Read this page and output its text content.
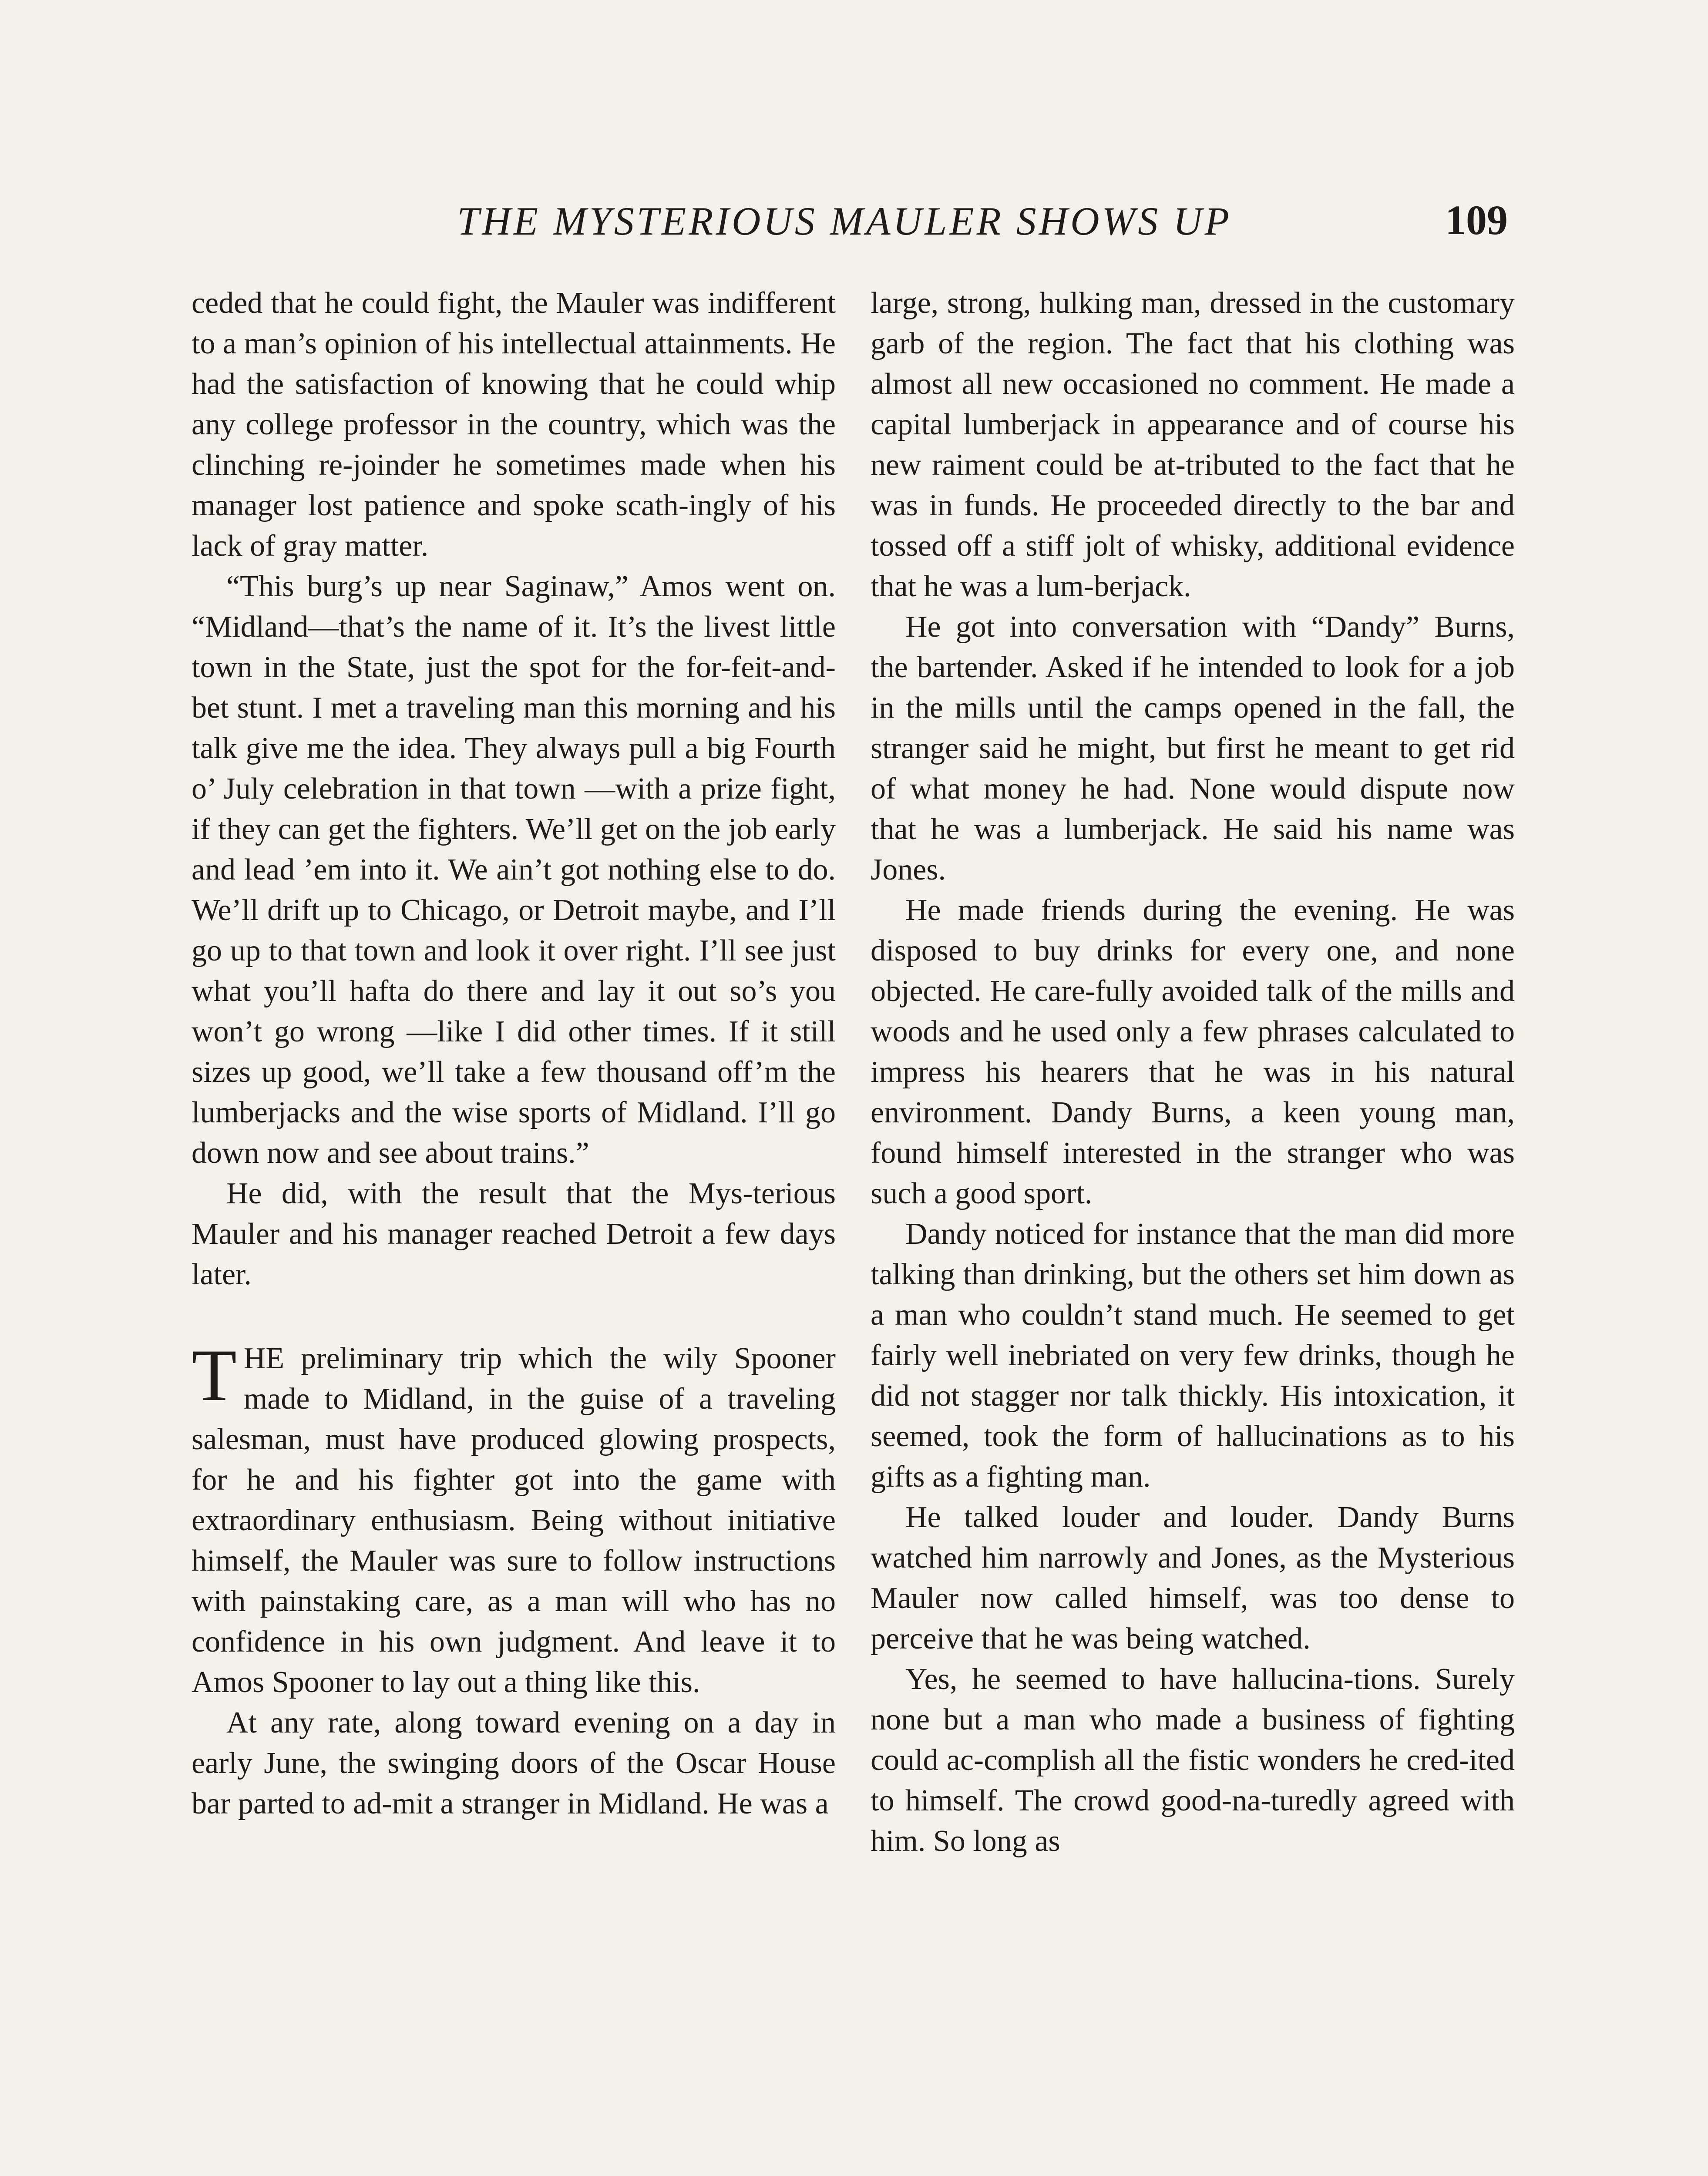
THE MYSTERIOUS MAULER SHOWS UP	109

ceded that he could fight, the Mauler was indifferent to a man’s opinion of his intellectual attainments. He had the satisfaction of knowing that he could whip any college professor in the country, which was the clinching re-joinder he sometimes made when his manager lost patience and spoke scath-ingly of his lack of gray matter.

“This burg’s up near Saginaw,” Amos went on. “Midland—that’s the name of it. It’s the livest little town in the State, just the spot for the for-feit-and-bet stunt. I met a traveling man this morning and his talk give me the idea. They always pull a big Fourth o’ July celebration in that town —with a prize fight, if they can get the fighters. We’ll get on the job early and lead ’em into it. We ain’t got nothing else to do. We’ll drift up to Chicago, or Detroit maybe, and I’ll go up to that town and look it over right. I’ll see just what you’ll hafta do there and lay it out so’s you won’t go wrong —like I did other times. If it still sizes up good, we’ll take a few thousand off’m the lumberjacks and the wise sports of Midland. I’ll go down now and see about trains.”

He did, with the result that the Mys-terious Mauler and his manager reached Detroit a few days later.

THE preliminary trip which the wily Spooner made to Midland, in the guise of a traveling salesman, must have produced glowing prospects, for he and his fighter got into the game with extraordinary enthusiasm. Being without initiative himself, the Mauler was sure to follow instructions with painstaking care, as a man will who has no confidence in his own judgment. And leave it to Amos Spooner to lay out a thing like this.

At any rate, along toward evening on a day in early June, the swinging doors of the Oscar House bar parted to ad-mit a stranger in Midland. He was a

large, strong, hulking man, dressed in the customary garb of the region. The fact that his clothing was almost all new occasioned no comment. He made a capital lumberjack in appearance and of course his new raiment could be at-tributed to the fact that he was in funds. He proceeded directly to the bar and tossed off a stiff jolt of whisky, additional evidence that he was a lum-berjack.

He got into conversation with “Dandy” Burns, the bartender. Asked if he intended to look for a job in the mills until the camps opened in the fall, the stranger said he might, but first he meant to get rid of what money he had. None would dispute now that he was a lumberjack. He said his name was Jones.

He made friends during the evening. He was disposed to buy drinks for every one, and none objected. He care-fully avoided talk of the mills and woods and he used only a few phrases calculated to impress his hearers that he was in his natural environment. Dandy Burns, a keen young man, found himself interested in the stranger who was such a good sport.

Dandy noticed for instance that the man did more talking than drinking, but the others set him down as a man who couldn’t stand much. He seemed to get fairly well inebriated on very few drinks, though he did not stagger nor talk thickly. His intoxication, it seemed, took the form of hallucinations as to his gifts as a fighting man.

He talked louder and louder. Dandy Burns watched him narrowly and Jones, as the Mysterious Mauler now called himself, was too dense to perceive that he was being watched.

Yes, he seemed to have hallucina-tions. Surely none but a man who made a business of fighting could ac-complish all the fistic wonders he cred-ited to himself. The crowd good-na-turedly agreed with him. So long as
